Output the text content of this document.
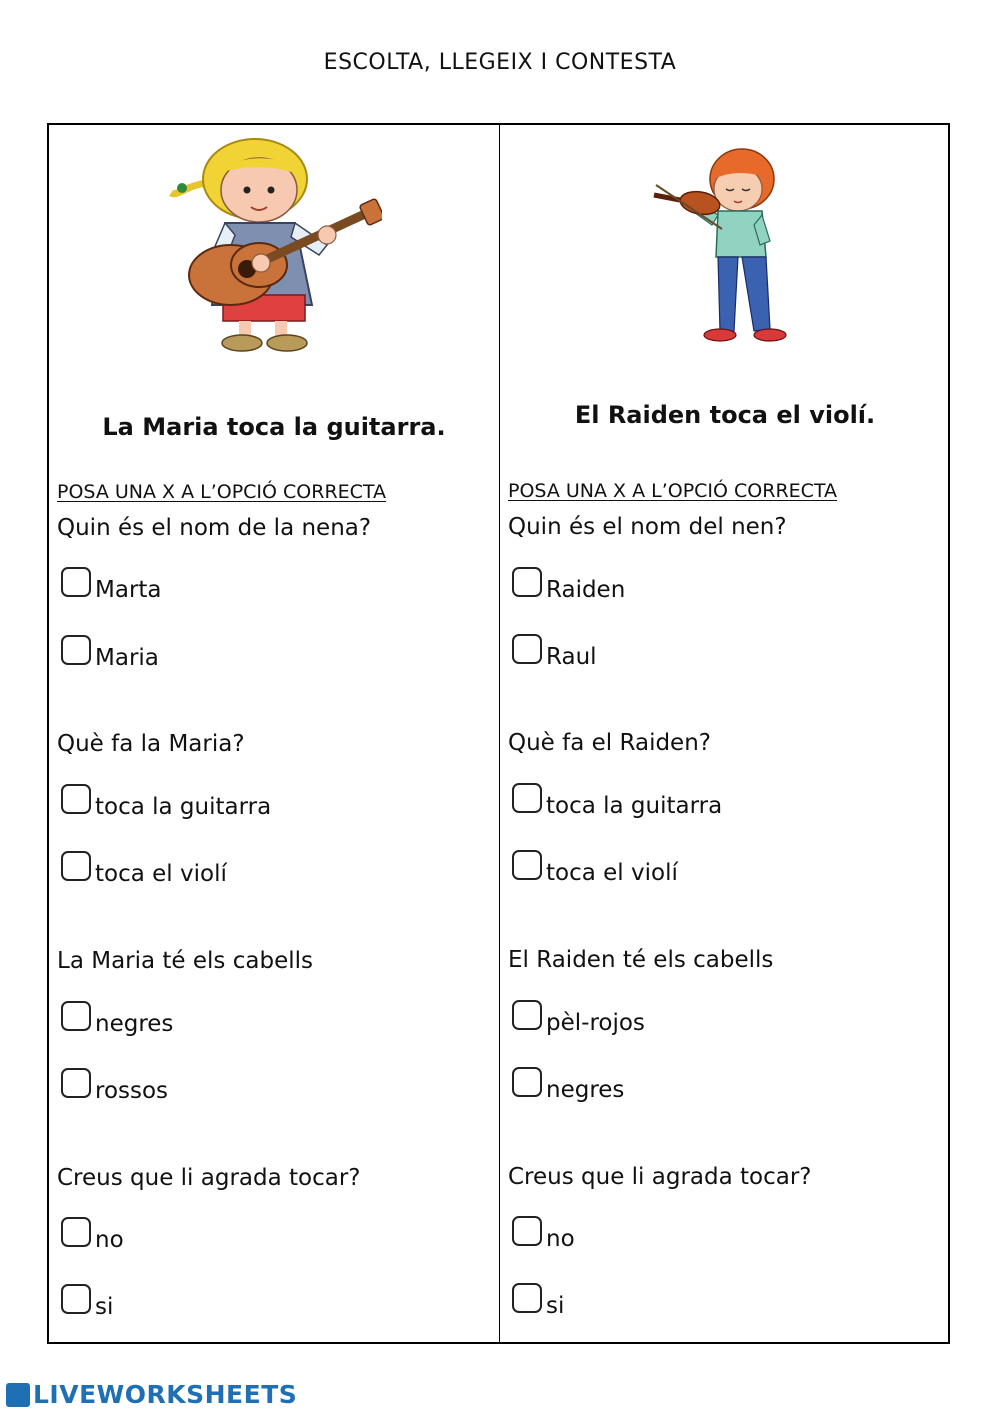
ESCOLTA, LLEGEIX I CONTESTA
La Maria toca la guitarra.
POSA UNA X A L’OPCIÓ CORRECTA
Quin és el nom de la nena?
Marta
Maria
Què fa la Maria?
toca la guitarra
toca el violí
La Maria té els cabells
negres
rossos
Creus que li agrada tocar?
no
si
El Raiden toca el violí.
POSA UNA X A L’OPCIÓ CORRECTA
Quin és el nom del nen?
Raiden
Raul
Què fa el Raiden?
toca la guitarra
toca el violí
El Raiden té els cabells
pèl-rojos
negres
Creus que li agrada tocar?
no
si
LIVEWORKSHEETS
